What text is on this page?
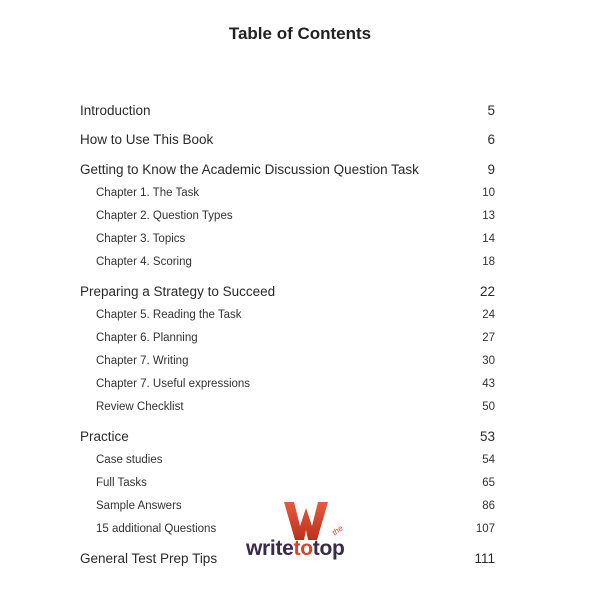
Table of Contents
Introduction	5
How to Use This Book	6
Getting to Know the Academic Discussion Question Task	9
Chapter 1. The Task	10
Chapter 2. Question Types	13
Chapter 3. Topics	14
Chapter 4. Scoring	18
Preparing a Strategy to Succeed	22
Chapter 5. Reading the Task	24
Chapter 6. Planning	27
Chapter 7. Writing	30
Chapter 7. Useful expressions	43
Review Checklist	50
Practice	53
Case studies	54
Full Tasks	65
Sample Answers	86
15 additional Questions	107
General Test Prep Tips	111
writetotop
the
